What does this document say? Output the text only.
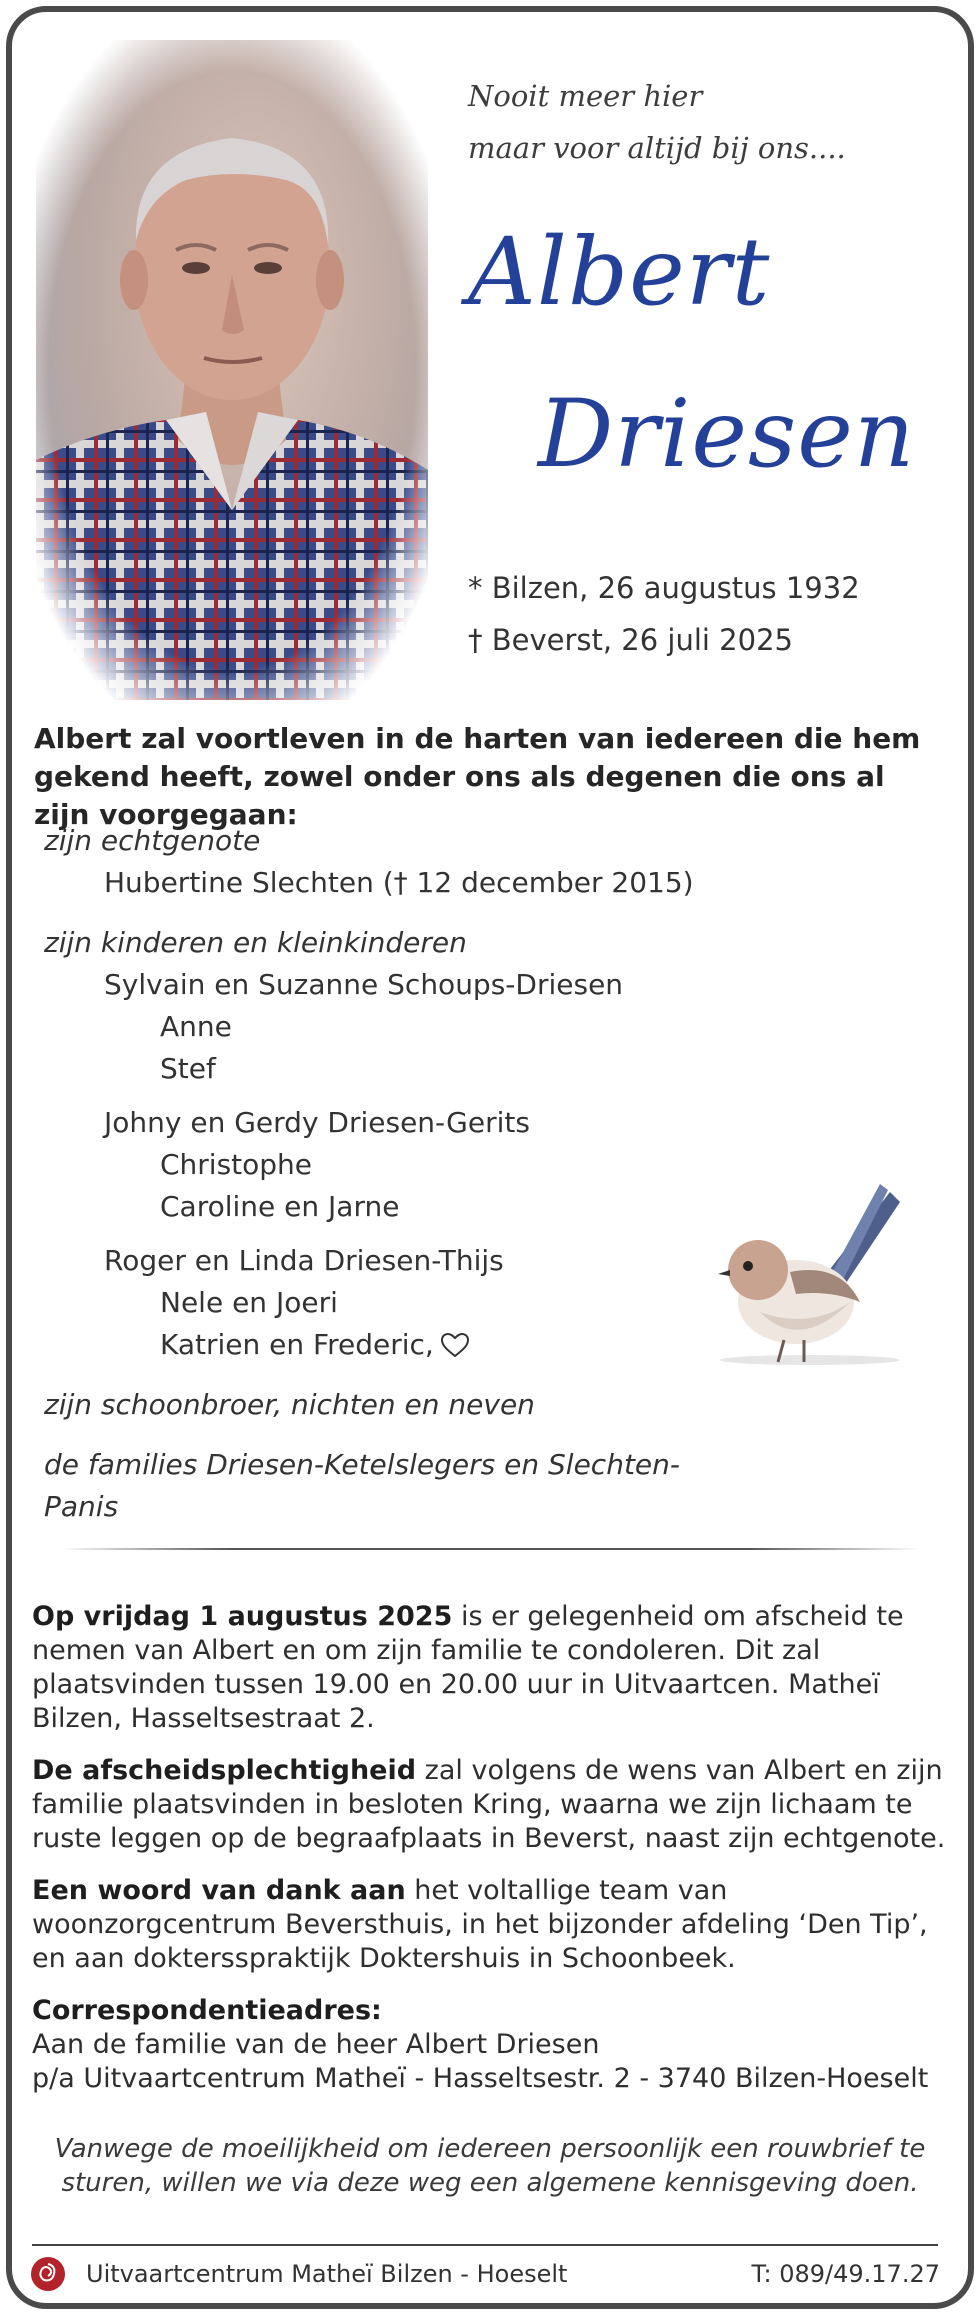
Nooit meer hier
maar voor altijd bij ons....
Albert
Driesen
* Bilzen, 26 augustus 1932
† Beverst, 26 juli 2025
Albert zal voortleven in de harten van iedereen die hem gekend heeft, zowel onder ons als degenen die ons al zijn voorgegaan:
zijn echtgenote
Hubertine Slechten († 12 december 2015)
zijn kinderen en kleinkinderen
Sylvain en Suzanne Schoups-Driesen
Anne
Stef
Johny en Gerdy Driesen-Gerits
Christophe
Caroline en Jarne
Roger en Linda Driesen-Thijs
Nele en Joeri
Katrien en Frederic,
zijn schoonbroer, nichten en neven
de families Driesen-Ketelslegers en Slechten-Panis

Op vrijdag 1 augustus 2025 is er gelegenheid om afscheid te nemen van Albert en om zijn familie te condoleren. Dit zal plaatsvinden tussen 19.00 en 20.00 uur in Uitvaartcen. Matheï Bilzen, Hasseltsestraat 2.

De afscheidsplechtigheid zal volgens de wens van Albert en zijn familie plaatsvinden in besloten Kring, waarna we zijn lichaam te ruste leggen op de begraafplaats in Beverst, naast zijn echtgenote.

Een woord van dank aan het voltallige team van woonzorgcentrum Beversthuis, in het bijzonder afdeling ‘Den Tip’, en aan doktersspraktijk Doktershuis in Schoonbeek.

Correspondentieadres:
Aan de familie van de heer Albert Driesen
p/a Uitvaartcentrum Matheï - Hasseltsestr. 2 - 3740 Bilzen-Hoeselt

Vanwege de moeilijkheid om iedereen persoonlijk een rouwbrief te sturen, willen we via deze weg een algemene kennisgeving doen.
Uitvaartcentrum Matheï Bilzen - Hoeselt	T: 089/49.17.27
